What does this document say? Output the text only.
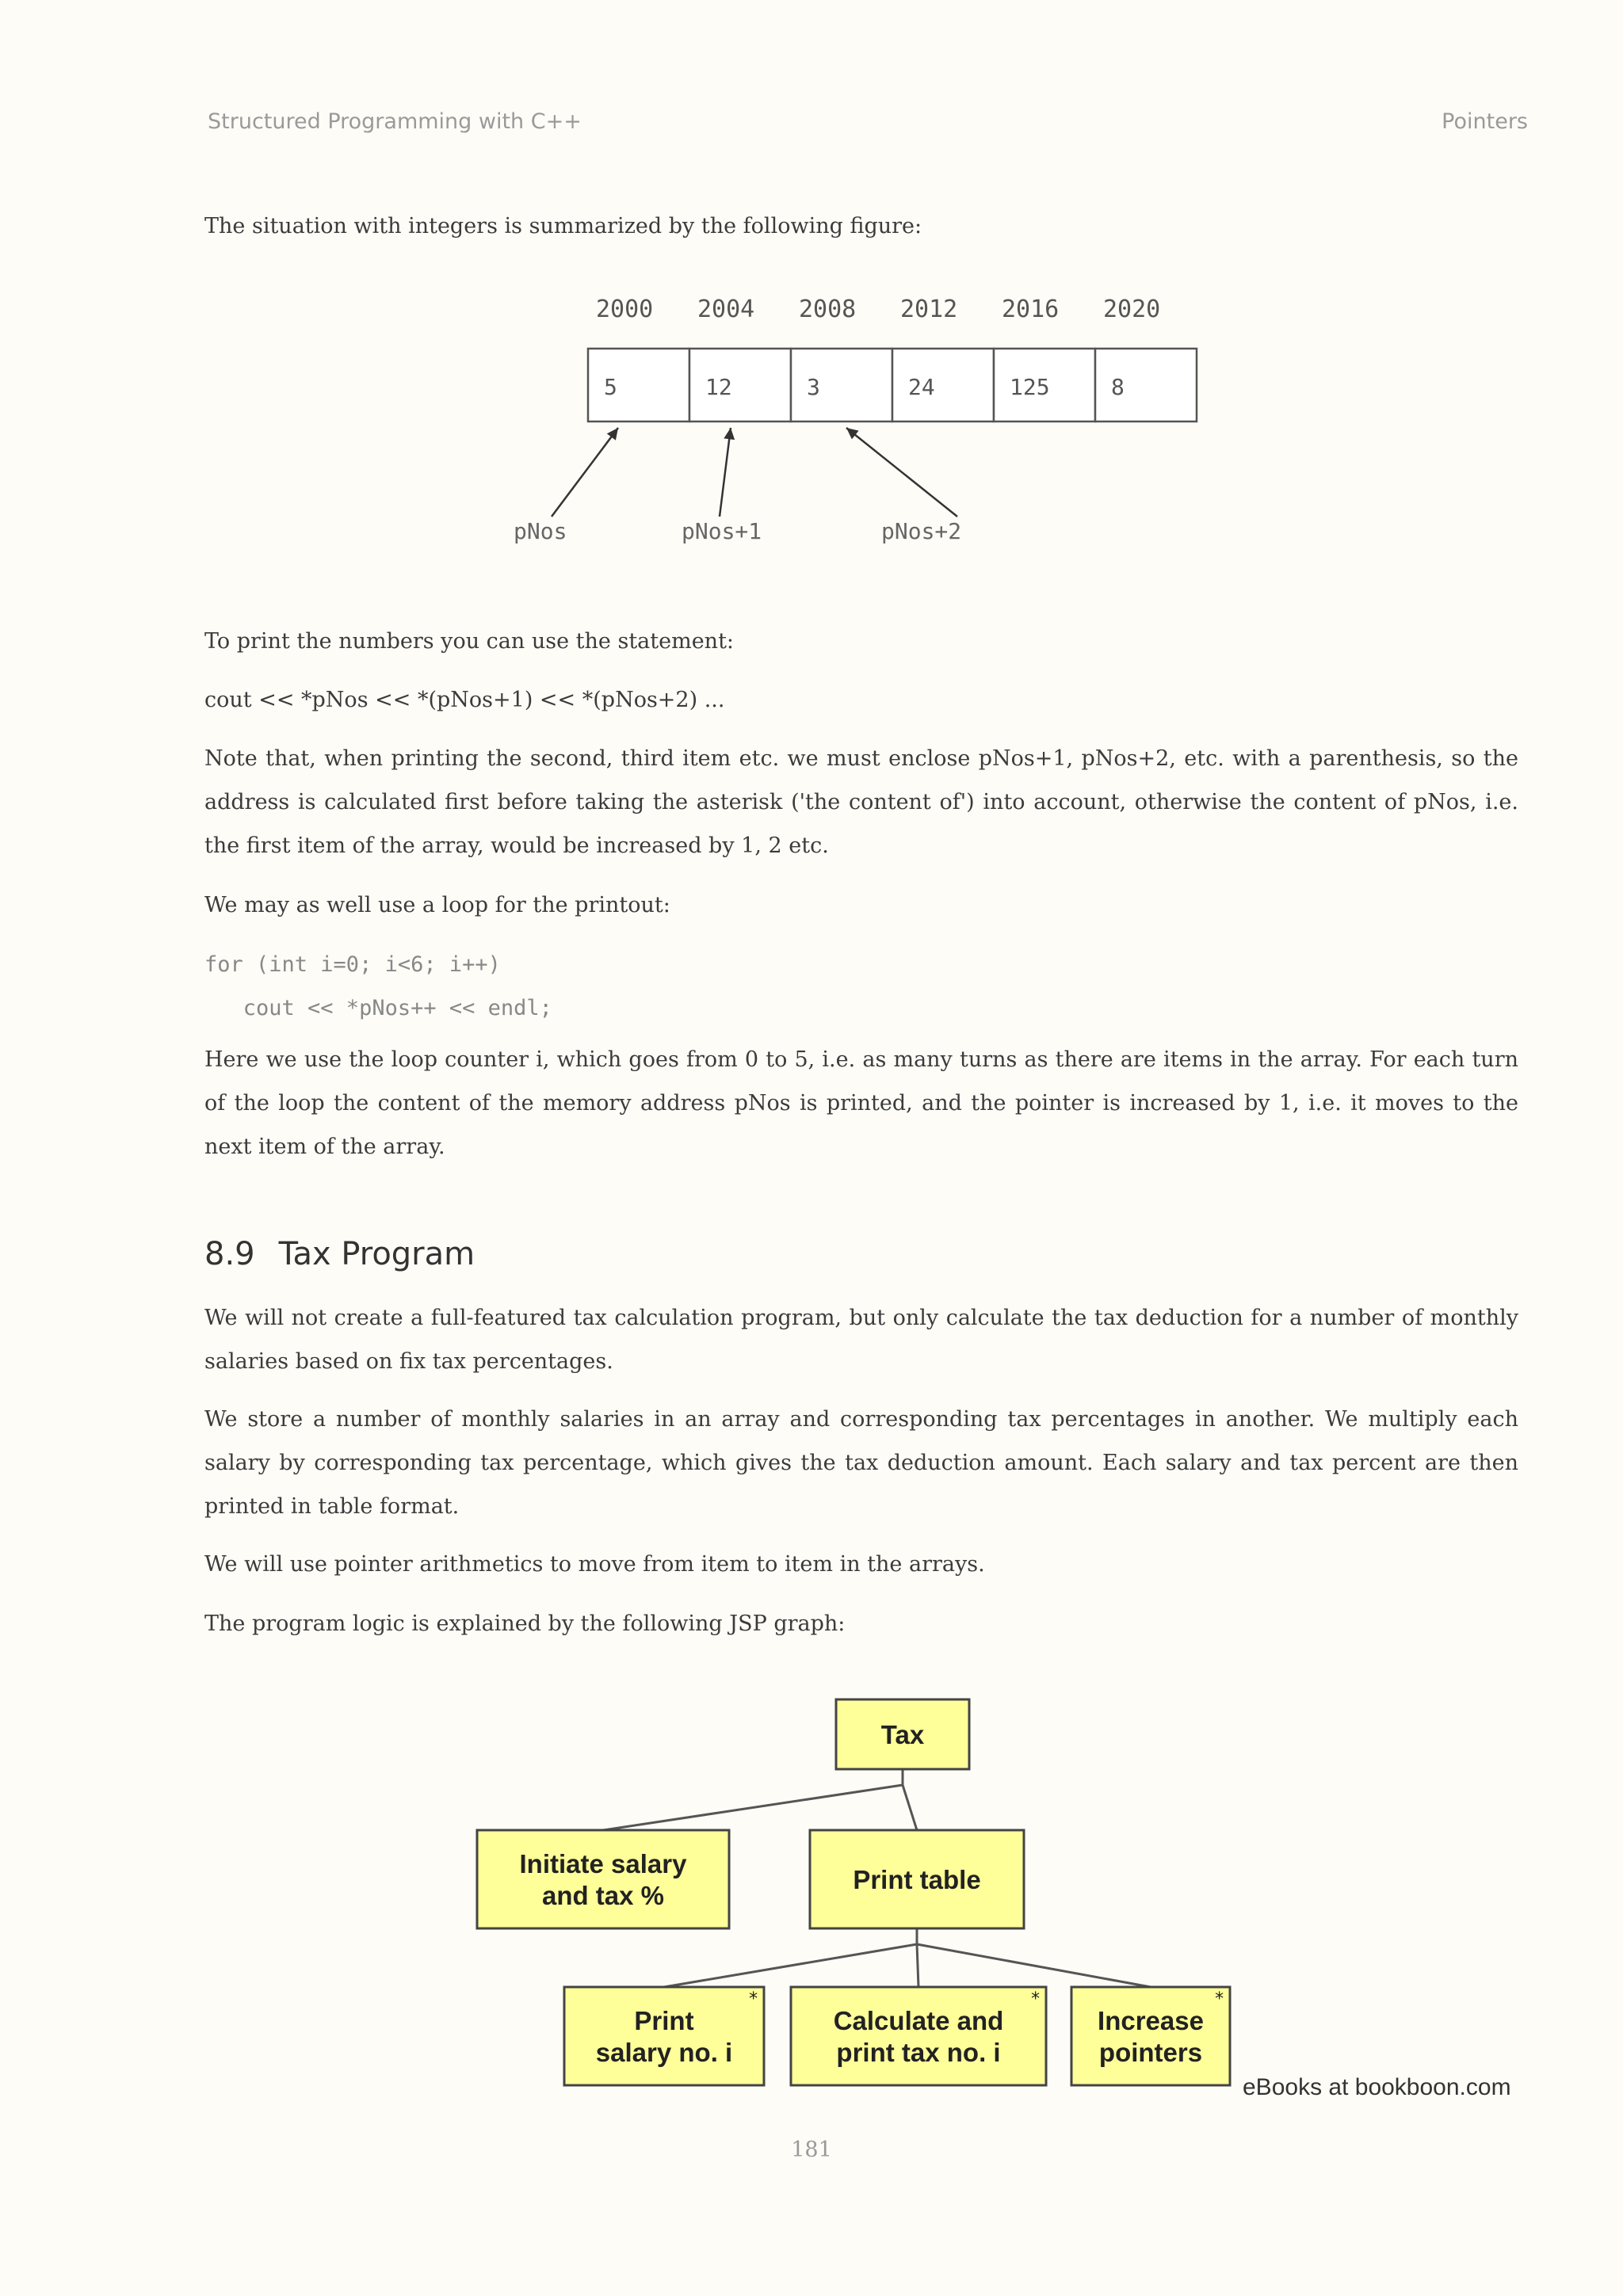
Structured Programming with C++	Pointers
The situation with integers is summarized by the following figure:
2000 2004 2008 2012 2016 2020
5	12	3	24	125	8
pNos	pNos+1	pNos+2
To print the numbers you can use the statement:
cout << *pNos << *(pNos+1) << *(pNos+2) ...
Note that, when printing the second, third item etc. we must enclose pNos+1, pNos+2, etc. with a parenthesis, so the address is calculated first before taking the asterisk ('the content of') into account, otherwise the content of pNos, i.e. the first item of the array, would be increased by 1, 2 etc.
We may as well use a loop for the printout:
for (int i=0; i<6; i++)
cout << *pNos++ << endl;
Here we use the loop counter i, which goes from 0 to 5, i.e. as many turns as there are items in the array. For each turn of the loop the content of the memory address pNos is printed, and the pointer is increased by 1, i.e. it moves to the next item of the array.
8.9 Tax Program
We will not create a full-featured tax calculation program, but only calculate the tax deduction for a number of monthly salaries based on fix tax percentages.
We store a number of monthly salaries in an array and corresponding tax percentages in another. We multiply each salary by corresponding tax percentage, which gives the tax deduction amount. Each salary and tax percent are then printed in table format.
We will use pointer arithmetics to move from item to item in the arrays.
The program logic is explained by the following JSP graph:
Tax
Initiate salary
and tax %
Print table
Print
salary no. i
*
Calculate and
print tax no. i
*
Increase
pointers
*
eBooks at bookboon.com
181
